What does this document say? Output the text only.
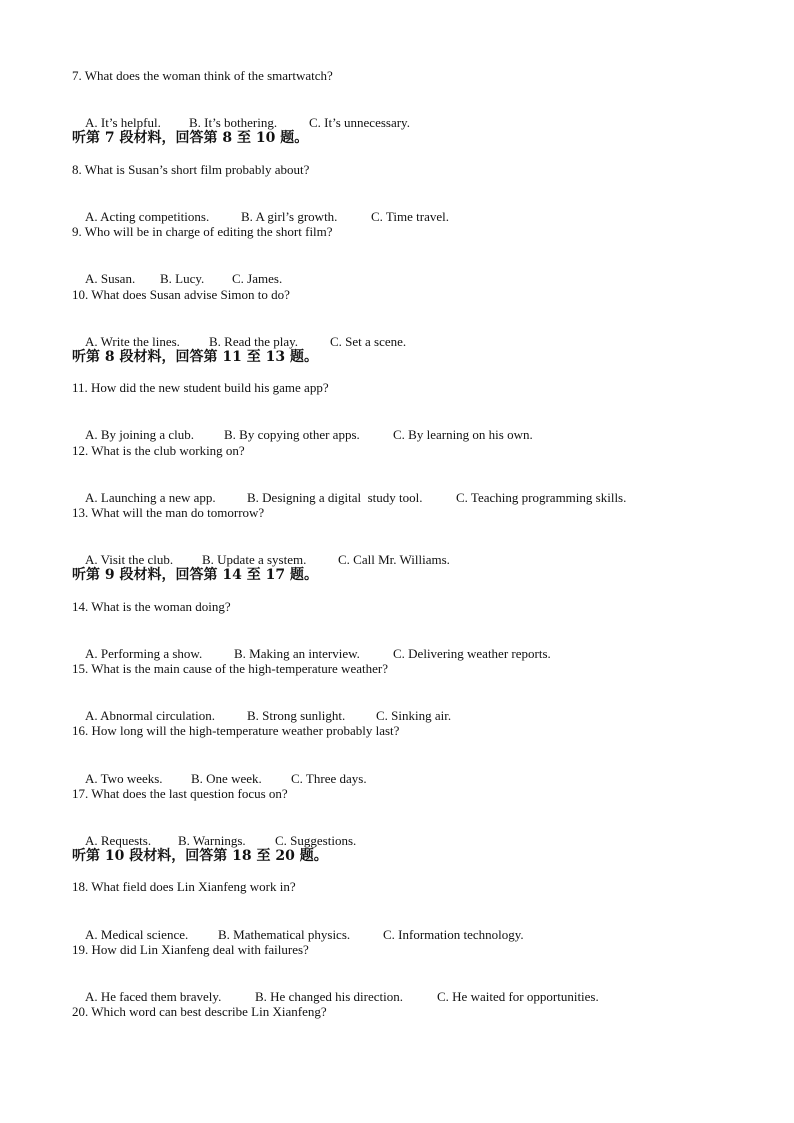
7. What does the woman think of the smartwatch?

A. It’s helpful. B. It’s bothering. C. It’s unnecessary.

听第 7 段材料，回答第 8 至 10 题。
8. What is Susan’s short film probably about?

A. Acting competitions. B. A girl’s growth.	C. Time travel.

9. Who will be in charge of editing the short film?

A. Susan. B. Lucy. C. James.

10. What does Susan advise Simon to do?

A. Write the lines. B. Read the play. C. Set a scene.

听第 8 段材料，回答第 11 至 13 题。
11. How did the new student build his game app?

A. By joining a club. B. By copying other apps.	C. By learning on his own.

12. What is the club working on?

A. Launching a new app. B. Designing a digital  study tool.	C. Teaching programming skills.

13. What will the man do tomorrow?

A. Visit the club. B. Update a system. C. Call Mr. Williams.

听第 9 段材料，回答第 14 至 17 题。
14. What is the woman doing?

A. Performing a show. B. Making an interview.	C. Delivering weather reports.

15. What is the main cause of the high-temperature weather?

A. Abnormal circulation. B. Strong sunlight. C. Sinking air.

16. How long will the high-temperature weather probably last?

A. Two weeks. B. One week. C. Three days.

17. What does the last question focus on?

A. Requests. B. Warnings. C. Suggestions.

听第 10 段材料，回答第 18 至 20 题。
18. What field does Lin Xianfeng work in?

A. Medical science. B. Mathematical physics.	C. Information technology.

19. How did Lin Xianfeng deal with failures?

A. He faced them bravely.	B. He changed his direction.	C. He waited for opportunities.

20. Which word can best describe Lin Xianfeng?
